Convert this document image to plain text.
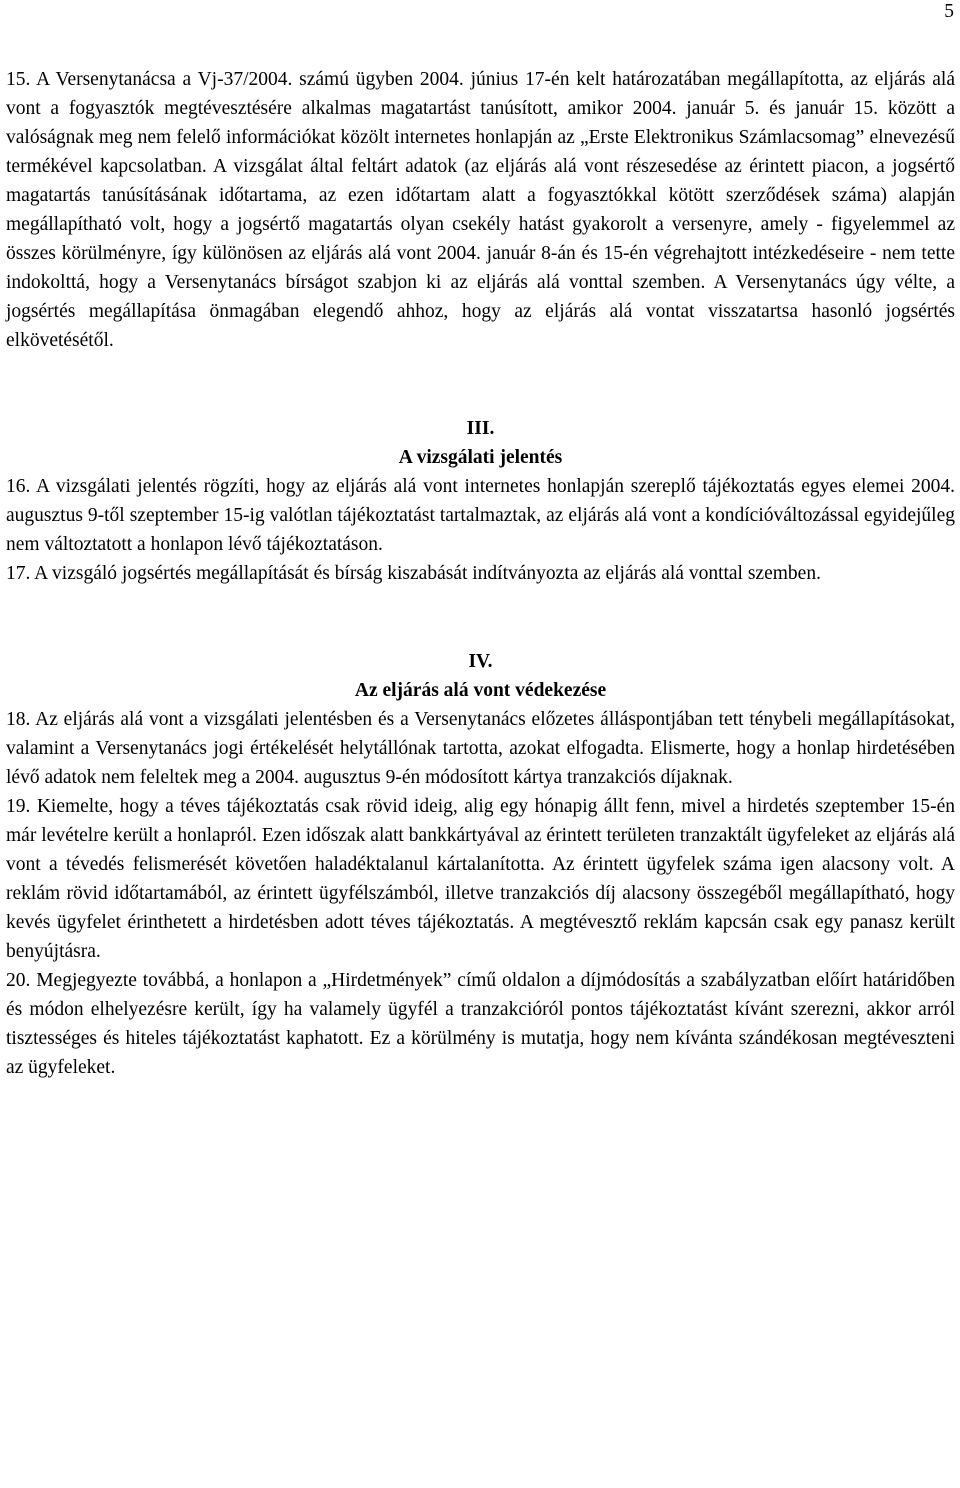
5

15. A Versenytanácsa a Vj-37/2004. számú ügyben 2004. június 17-én kelt határozatában megállapította, az eljárás alá vont a fogyasztók megtévesztésére alkalmas magatartást tanúsított, amikor 2004. január 5. és január 15. között a valóságnak meg nem felelő információkat közölt internetes honlapján az „Erste Elektronikus Számlacsomag” elnevezésű termékével kapcsolatban. A vizsgálat által feltárt adatok (az eljárás alá vont részesedése az érintett piacon, a jogsértő magatartás tanúsításának időtartama, az ezen időtartam alatt a fogyasztókkal kötött szerződések száma) alapján megállapítható volt, hogy a jogsértő magatartás olyan csekély hatást gyakorolt a versenyre, amely - figyelemmel az összes körülményre, így különösen az eljárás alá vont 2004. január 8-án és 15-én végrehajtott intézkedéseire - nem tette indokolttá, hogy a Versenytanács bírságot szabjon ki az eljárás alá vonttal szemben. A Versenytanács úgy vélte, a jogsértés megállapítása önmagában elegendő ahhoz, hogy az eljárás alá vontat visszatartsa hasonló jogsértés elkövetésétől.

III.

A vizsgálati jelentés

16. A vizsgálati jelentés rögzíti, hogy az eljárás alá vont internetes honlapján szereplő tájékoztatás egyes elemei 2004. augusztus 9-től szeptember 15-ig valótlan tájékoztatást tartalmaztak, az eljárás alá vont a kondícióváltozással egyidejűleg nem változtatott a honlapon lévő tájékoztatáson.

17. A vizsgáló jogsértés megállapítását és bírság kiszabását indítványozta az eljárás alá vonttal szemben.

IV.

Az eljárás alá vont védekezése

18. Az eljárás alá vont a vizsgálati jelentésben és a Versenytanács előzetes álláspontjában tett ténybeli megállapításokat, valamint a Versenytanács jogi értékelését helytállónak tartotta, azokat elfogadta. Elismerte, hogy a honlap hirdetésében lévő adatok nem feleltek meg a 2004. augusztus 9-én módosított kártya tranzakciós díjaknak.

19. Kiemelte, hogy a téves tájékoztatás csak rövid ideig, alig egy hónapig állt fenn, mivel a hirdetés szeptember 15-én már levételre került a honlapról. Ezen időszak alatt bankkártyával az érintett területen tranzaktált ügyfeleket az eljárás alá vont a tévedés felismerését követően haladéktalanul kártalanította. Az érintett ügyfelek száma igen alacsony volt. A reklám rövid időtartamából, az érintett ügyfélszámból, illetve tranzakciós díj alacsony összegéből megállapítható, hogy kevés ügyfelet érinthetett a hirdetésben adott téves tájékoztatás. A megtévesztő reklám kapcsán csak egy panasz került benyújtásra.

20. Megjegyezte továbbá, a honlapon a „Hirdetmények” című oldalon a díjmódosítás a szabályzatban előírt határidőben és módon elhelyezésre került, így ha valamely ügyfél a tranzakcióról pontos tájékoztatást kívánt szerezni, akkor arról tisztességes és hiteles tájékoztatást kaphatott. Ez a körülmény is mutatja, hogy nem kívánta szándékosan megtéveszteni az ügyfeleket.
